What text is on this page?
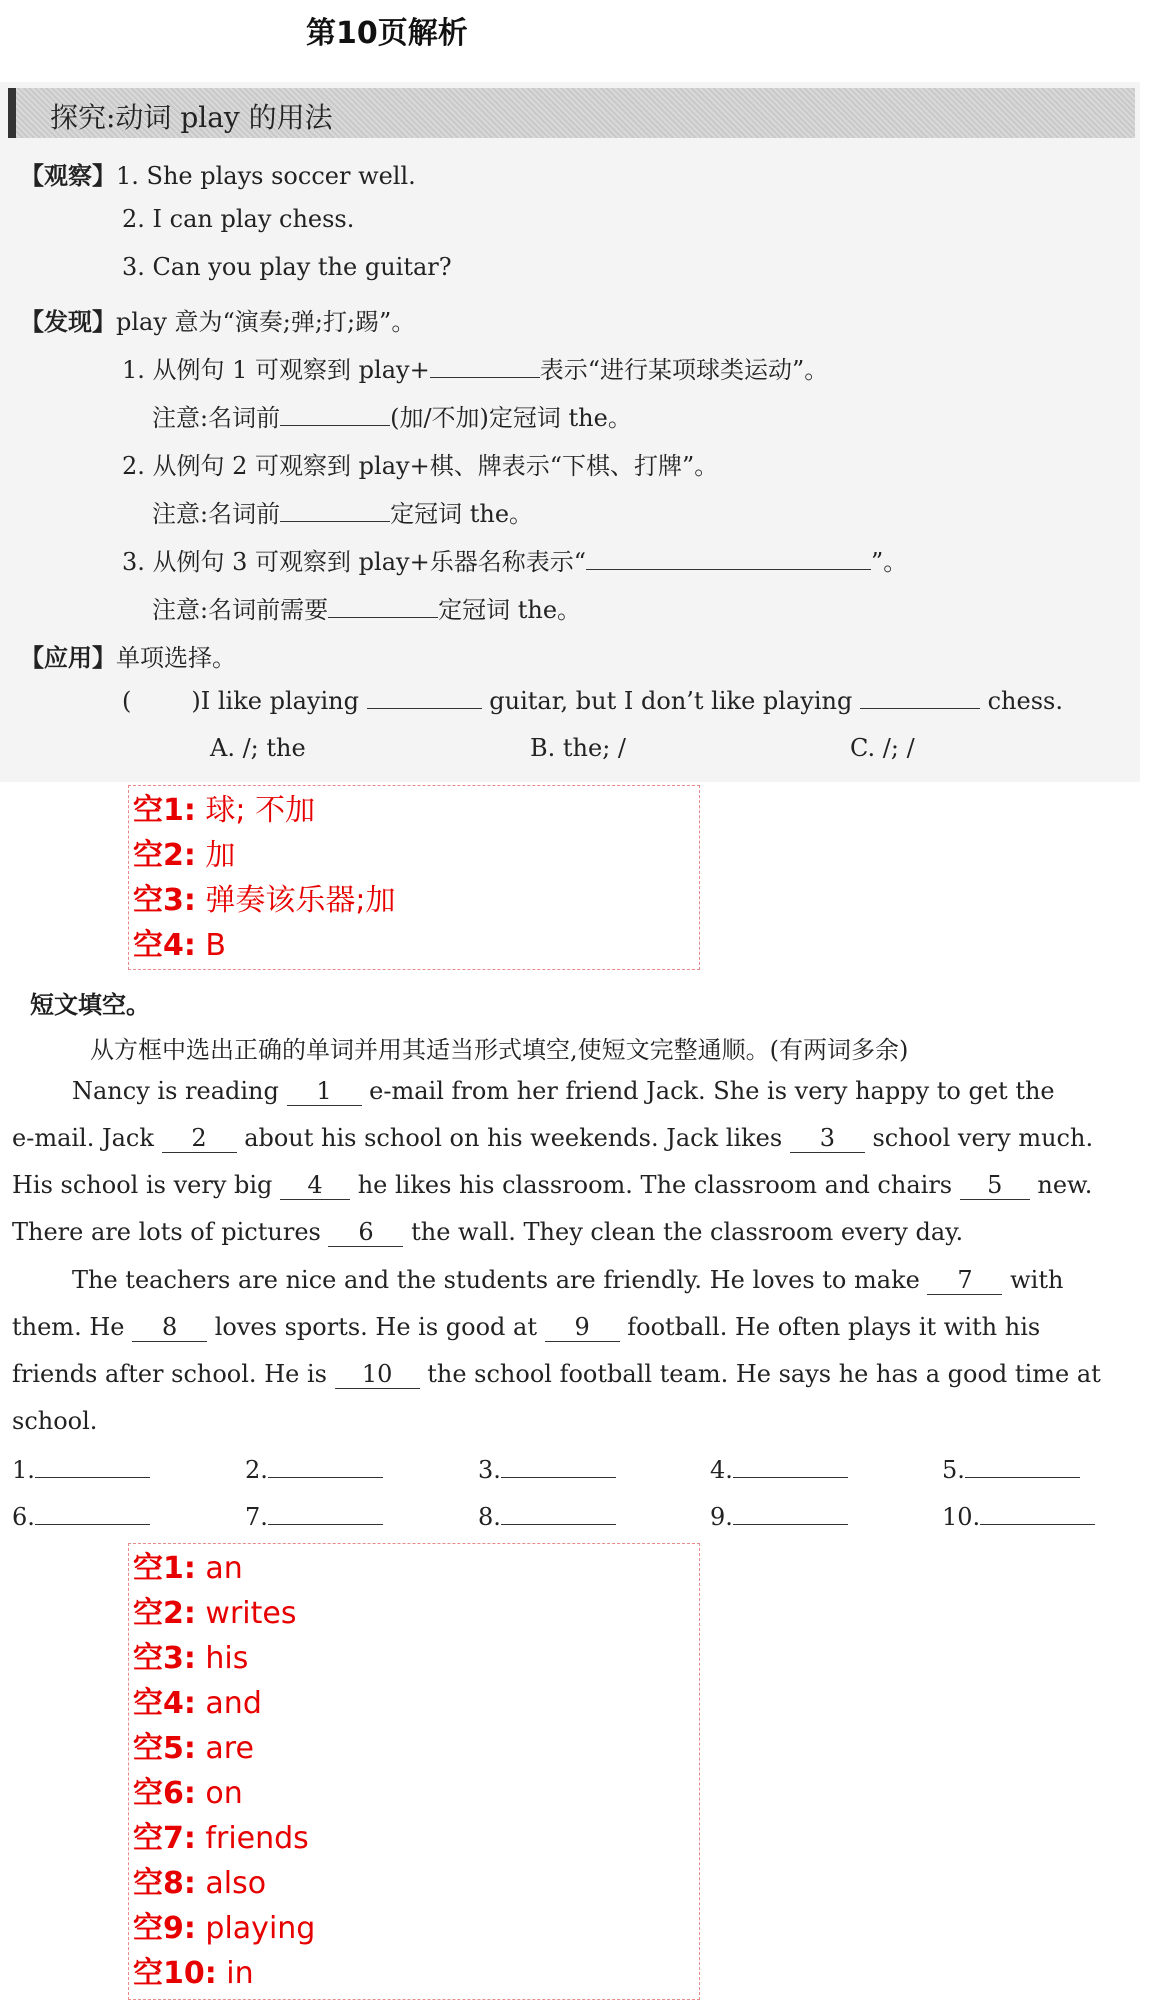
第10页解析
探究:动词 play 的用法
【观察】1. She plays soccer well.
2. I can play chess.
3. Can you play the guitar?
【发现】play 意为“演奏;弹;打;踢”。
1. 从例句 1 可观察到 play+	表示“进行某项球类运动”。
注意:名词前	(加/不加)定冠词 the。
2. 从例句 2 可观察到 play+棋、牌表示“下棋、打牌”。
注意:名词前	定冠词 the。
3. 从例句 3 可观察到 play+乐器名称表示“	”。
注意:名词前需要	定冠词 the。
【应用】单项选择。
(	)I like playing	guitar, but I don’t like playing	chess.
A. /; the	B. the; /	C. /; /
空1: 球; 不加
空2: 加
空3: 弹奏该乐器;加
空4: B
短文填空。
从方框中选出正确的单词并用其适当形式填空,使短文完整通顺。(有两词多余)
Nancy is reading 1 e-mail from her friend Jack. She is very happy to get the
e-mail. Jack 2 about his school on his weekends. Jack likes 3 school very much.
His school is very big 4 he likes his classroom. The classroom and chairs 5 new.
There are lots of pictures 6 the wall. They clean the classroom every day.
The teachers are nice and the students are friendly. He loves to make 7 with
them. He 8 loves sports. He is good at 9 football. He often plays it with his
friends after school. He is 10 the school football team. He says he has a good time at
school.
1.	2.	3.	4.	5.
6.	7.	8.	9.	10.
空1: an
空2: writes
空3: his
空4: and
空5: are
空6: on
空7: friends
空8: also
空9: playing
空10: in
